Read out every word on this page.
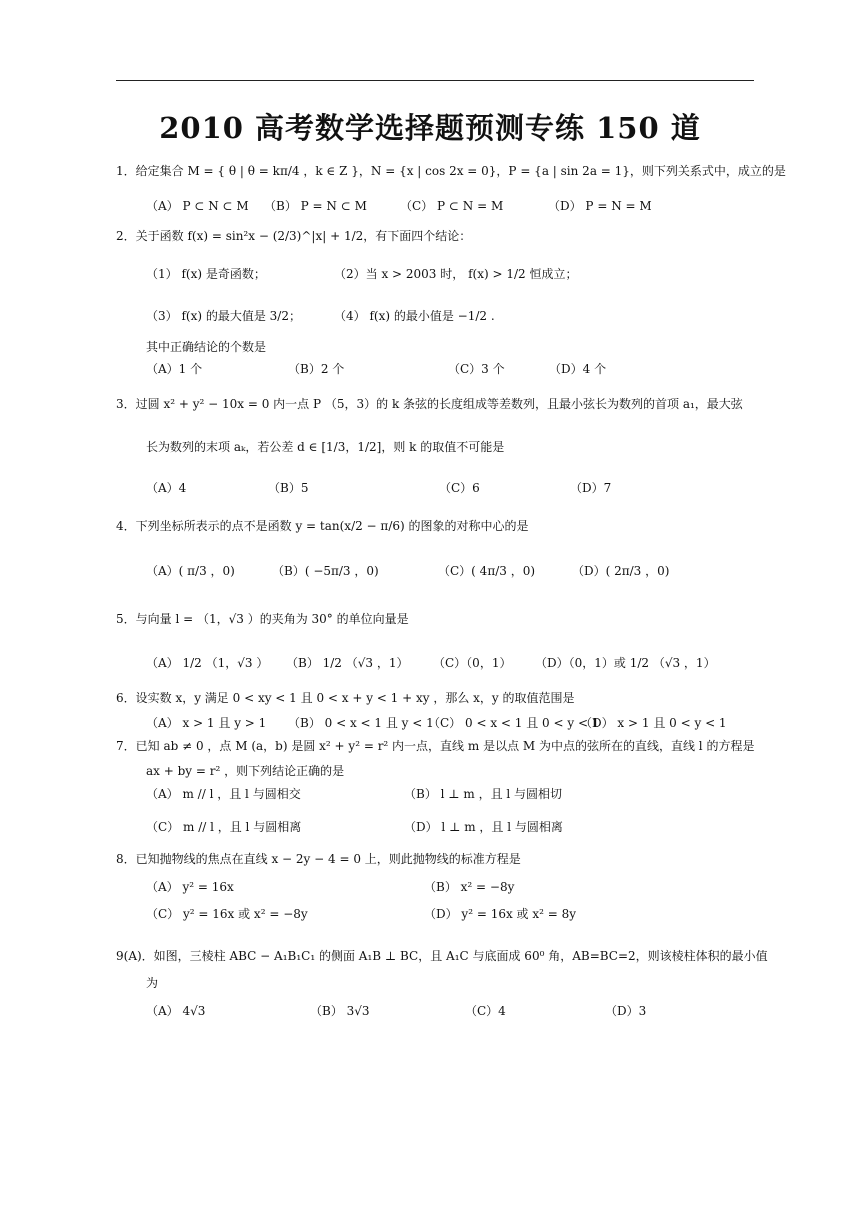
2010 高考数学选择题预测专练 150 道
1．给定集合 M = { θ | θ = kπ/4 ，k ∈ Z }，N = {x | cos 2x = 0}，P = {a | sin 2a = 1}，则下列关系式中，成立的是
（A） P ⊂ N ⊂ M （B） P = N ⊂ M	（C） P ⊂ N = M	（D） P = N = M
2．关于函数 f(x) = sin²x − (2/3)^|x| + 1/2，有下面四个结论：
（1） f(x) 是奇函数；	（2）当 x > 2003 时， f(x) > 1/2 恒成立；
（3） f(x) 的最大值是 3/2；	（4） f(x) 的最小值是 −1/2 .
其中正确结论的个数是
（A）1 个	（B）2 个	（C）3 个	（D）4 个
3．过圆 x² + y² − 10x = 0 内一点 P （5，3）的 k 条弦的长度组成等差数列，且最小弦长为数列的首项 a₁，最大弦
长为数列的末项 aₖ，若公差 d ∈ [1/3，1/2]，则 k 的取值不可能是
（A）4	（B）5	（C）6	（D）7
4．下列坐标所表示的点不是函数 y = tan(x/2 − π/6) 的图象的对称中心的是
（A）( π/3 ，0)	（B）( −5π/3 ，0)	（C）( 4π/3 ，0)	（D）( 2π/3 ，0)
5．与向量 l = （1，√3 ）的夹角为 30° 的单位向量是
（A） 1/2 （1，√3 ） （B） 1/2 （√3 ，1） （C）（0，1） （D）（0，1）或 1/2 （√3 ，1）
6．设实数 x，y 满足 0 < xy < 1 且 0 < x + y < 1 + xy ，那么 x，y 的取值范围是
（A） x > 1 且 y > 1 （B） 0 < x < 1 且 y < 1
（C） 0 < x < 1 且 0 < y < 1
（D） x > 1 且 0 < y < 1
7．已知 ab ≠ 0 ，点 M (a，b) 是圆 x² + y² = r² 内一点，直线 m 是以点 M 为中点的弦所在的直线，直线 l 的方程是
ax + by = r² ，则下列结论正确的是
（A） m // l ，且 l 与圆相交	（B） l ⊥ m ，且 l 与圆相切
（C） m // l ，且 l 与圆相离	（D） l ⊥ m ，且 l 与圆相离
8．已知抛物线的焦点在直线 x − 2y − 4 = 0 上，则此抛物线的标准方程是
（A） y² = 16x	（B） x² = −8y
（C） y² = 16x 或 x² = −8y	（D） y² = 16x 或 x² = 8y
9(A)．如图，三棱柱 ABC − A₁B₁C₁ 的侧面 A₁B ⊥ BC，且 A₁C 与底面成 60⁰ 角，AB=BC=2，则该棱柱体积的最小值
为
（A） 4√3	（B） 3√3	（C）4	（D）3
